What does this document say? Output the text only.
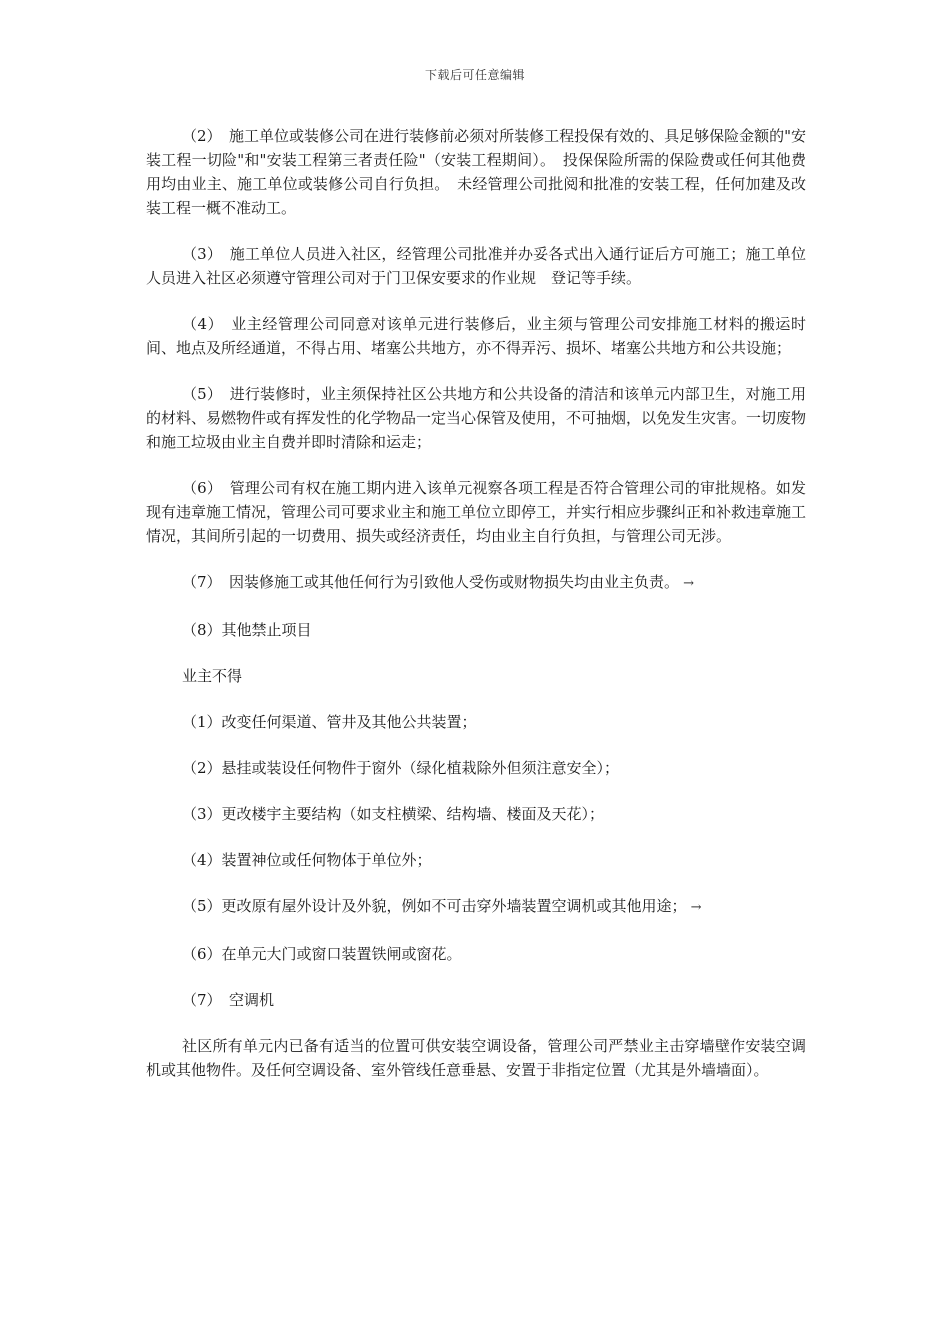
下载后可任意编辑

（2）　施工单位或装修公司在进行装修前必须对所装修工程投保有效的、具足够保险金额的"安装工程一切险"和"安装工程第三者责任险"（安装工程期间）。　投保保险所需的保险费或任何其他费用均由业主、施工单位或装修公司自行负担。　未经管理公司批阅和批准的安装工程，任何加建及改装工程一概不准动工。

（3）　施工单位人员进入社区，经管理公司批准并办妥各式出入通行证后方可施工；施工单位人员进入社区必须遵守管理公司对于门卫保安要求的作业规　登记等手续。

（4）　业主经管理公司同意对该单元进行装修后，业主须与管理公司安排施工材料的搬运时间、地点及所经通道，不得占用、堵塞公共地方，亦不得弄污、损坏、堵塞公共地方和公共设施；

（5）　进行装修时，业主须保持社区公共地方和公共设备的清洁和该单元内部卫生，对施工用的材料、易燃物件或有挥发性的化学物品一定当心保管及使用，不可抽烟，以免发生灾害。一切废物和施工垃圾由业主自费并即时清除和运走；

（6）　管理公司有权在施工期内进入该单元视察各项工程是否符合管理公司的审批规格。如发现有违章施工情况，管理公司可要求业主和施工单位立即停工，并实行相应步骤纠正和补救违章施工情况，其间所引起的一切费用、损失或经济责任，均由业主自行负担，与管理公司无涉。

（7）　因装修施工或其他任何行为引致他人受伤或财物损失均由业主负责。 →

（8）其他禁止项目

业主不得

（1）改变任何渠道、管井及其他公共装置；

（2）悬挂或装设任何物件于窗外（绿化植栽除外但须注意安全）；

（3）更改楼宇主要结构（如支柱横梁、结构墙、楼面及天花）；

（4）装置神位或任何物体于单位外；

（5）更改原有屋外设计及外貌，例如不可击穿外墙装置空调机或其他用途； →

（6）在单元大门或窗口装置铁闸或窗花。

（7）　空调机

社区所有单元内已备有适当的位置可供安装空调设备，管理公司严禁业主击穿墙壁作安装空调机或其他物件。及任何空调设备、室外管线任意垂悬、安置于非指定位置（尤其是外墙墙面）。
